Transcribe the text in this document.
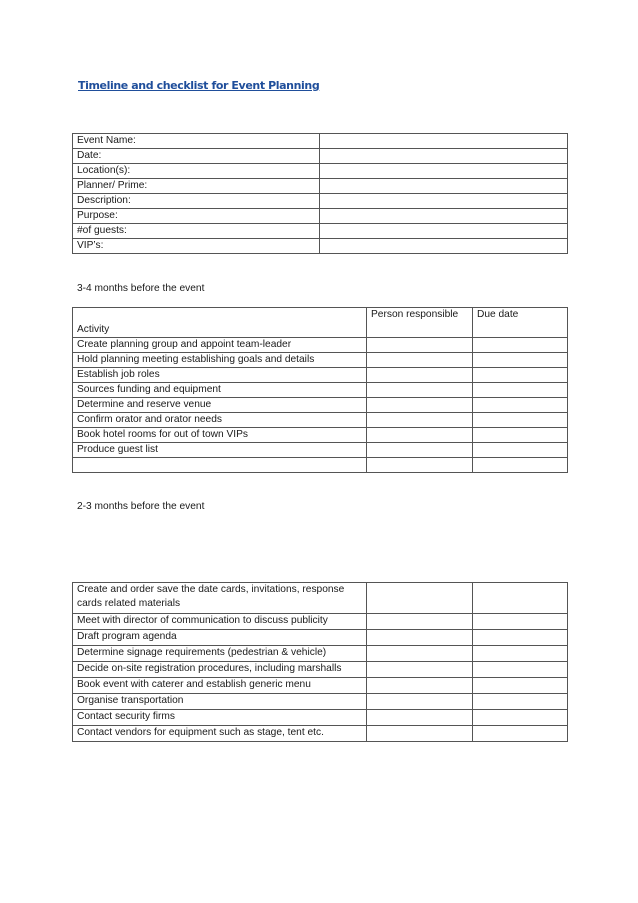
Timeline and checklist for Event Planning
Event Name:	
Date:	
Location(s):	
Planner/ Prime:	
Description:	
Purpose:	
#of guests:	
VIP’s:	
3-4 months before the event
Activity	Person responsible	Due date
Create planning group and appoint team-leader		
Hold planning meeting establishing goals and details		
Establish job roles		
Sources funding and equipment		
Determine and reserve venue		
Confirm orator and orator needs		
Book hotel rooms for out of town VIPs		
Produce guest list		

2-3 months before the event
Create and order save the date cards, invitations, response cards related materials		
Meet with director of communication to discuss publicity		
Draft program agenda		
Determine signage requirements (pedestrian & vehicle)		
Decide on-site registration procedures, including marshalls		
Book event with caterer and establish generic menu		
Organise transportation		
Contact security firms		
Contact vendors for equipment such as stage, tent etc.		
